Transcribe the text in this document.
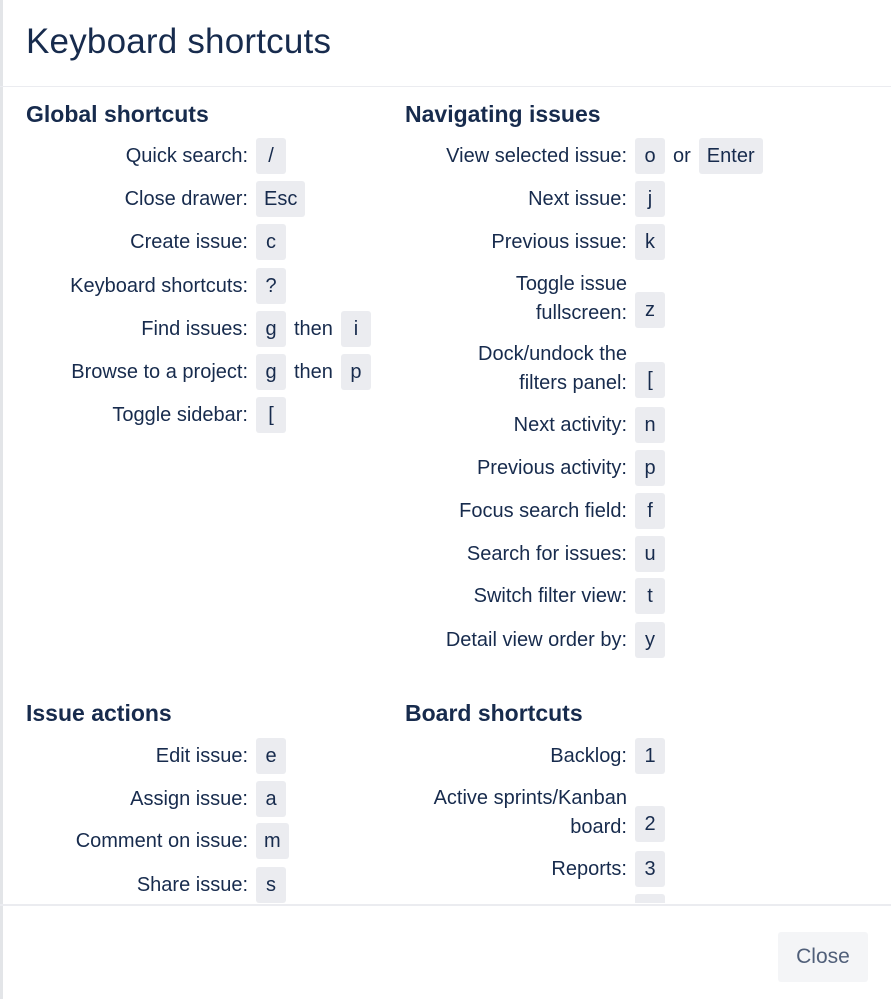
Keyboard shortcuts
Global shortcuts
Quick search:	/
Close drawer: Esc
Create issue: c
Keyboard shortcuts: ?
Find issues: g then	i
Browse to a project: g then p
Toggle sidebar:	[
Navigating issues
View selected issue: o or Enter
Next issue:	j
Previous issue: k
Toggle issue
fullscreen: z
Dock/undock the
filters panel:	[
Next activity: n
Previous activity: p
Focus search field:	f
Search for issues: u
Switch filter view:	t
Detail view order by: y
Issue actions
Edit issue: e
Assign issue: a
Comment on issue: m
Share issue: s
Board shortcuts
Backlog: 1
Active sprints/Kanban
board: 2
Reports: 3
Close
